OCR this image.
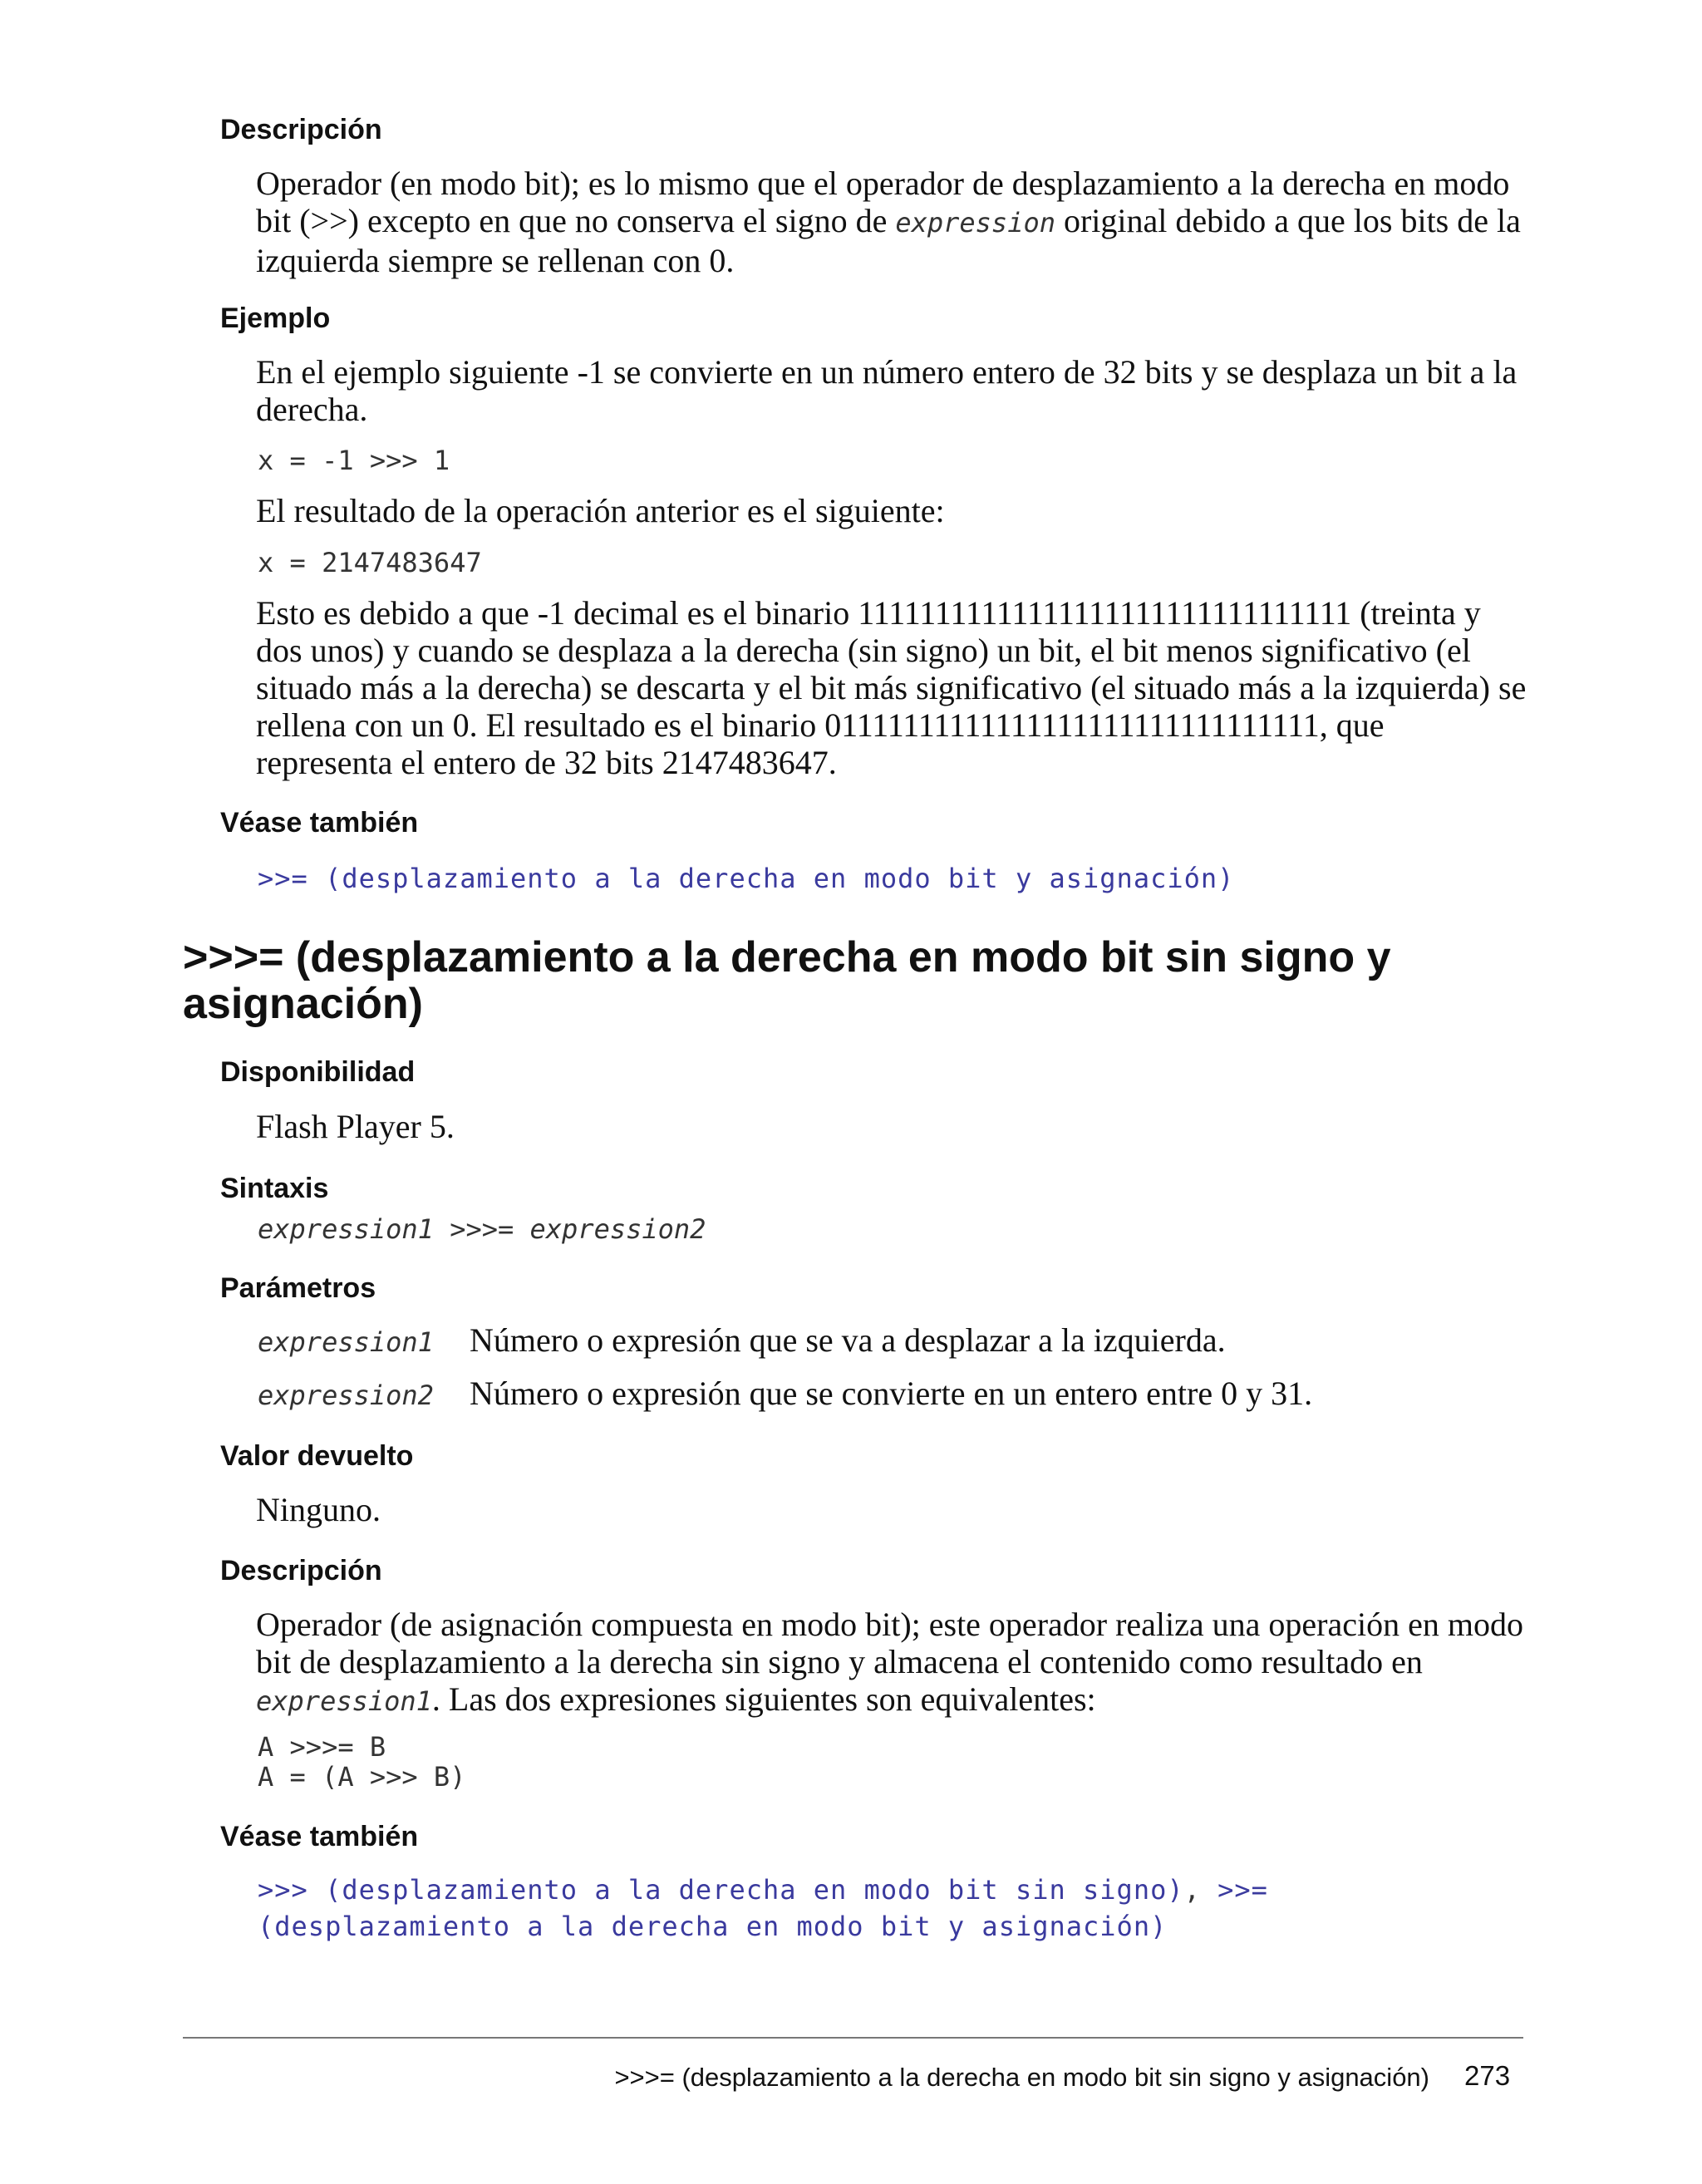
Descripción

Operador (en modo bit); es lo mismo que el operador de desplazamiento a la derecha en modo bit (>>) excepto en que no conserva el signo de expression original debido a que los bits de la izquierda siempre se rellenan con 0.

Ejemplo

En el ejemplo siguiente -1 se convierte en un número entero de 32 bits y se desplaza un bit a la derecha.

x = -1 >>> 1

El resultado de la operación anterior es el siguiente:

x = 2147483647

Esto es debido a que -1 decimal es el binario 11111111111111111111111111111111 (treinta y dos unos) y cuando se desplaza a la derecha (sin signo) un bit, el bit menos significativo (el situado más a la derecha) se descarta y el bit más significativo (el situado más a la izquierda) se rellena con un 0. El resultado es el binario 01111111111111111111111111111111, que representa el entero de 32 bits 2147483647.

Véase también

>>= (desplazamiento a la derecha en modo bit y asignación)

>>>= (desplazamiento a la derecha en modo bit sin signo y asignación)
Disponibilidad

Flash Player 5.

Sintaxis
expression1 >>>= expression2
Parámetros
expression1 Número o expresión que se va a desplazar a la izquierda.
expression2 Número o expresión que se convierte en un entero entre 0 y 31.
Valor devuelto

Ninguno.

Descripción

Operador (de asignación compuesta en modo bit); este operador realiza una operación en modo bit de desplazamiento a la derecha sin signo y almacena el contenido como resultado en expression1. Las dos expresiones siguientes son equivalentes:

A >>>= B
A = (A >>> B)
Véase también

>>> (desplazamiento a la derecha en modo bit sin signo), >>= (desplazamiento a la derecha en modo bit y asignación)

>>>= (desplazamiento a la derecha en modo bit sin signo y asignación) 273
